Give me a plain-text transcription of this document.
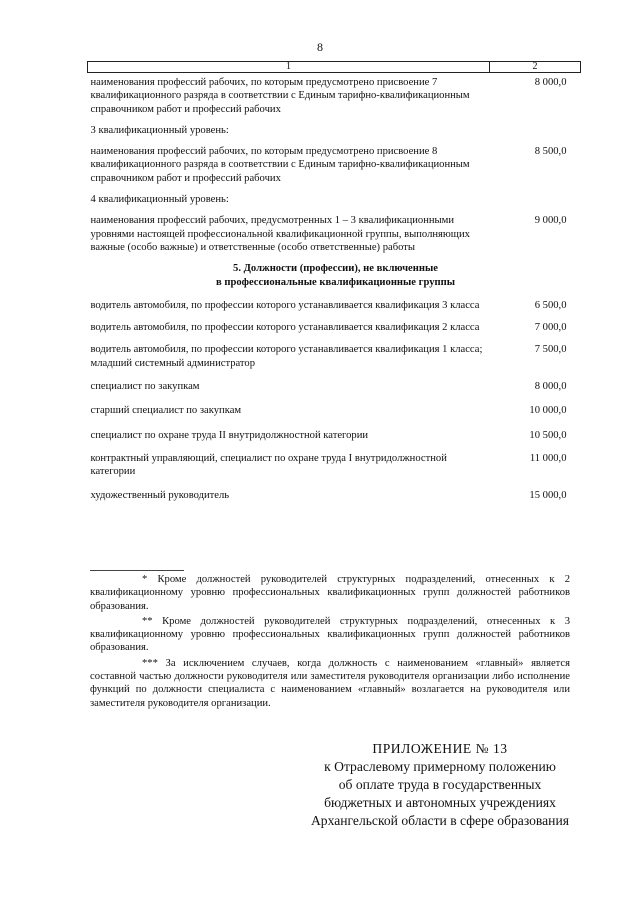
8
1	2
наименования профессий рабочих, по которым предусмотрено присвоение 7 квалификационного разряда в соответствии с Единым тарифно-квалификационным справочником работ и профессий рабочих	8 000,0
3 квалификационный уровень:	
наименования профессий рабочих, по которым предусмотрено присвоение 8 квалификационного разряда в соответствии с Единым тарифно-квалификационным справочником работ и профессий рабочих	8 500,0
4 квалификационный уровень:	
наименования профессий рабочих, предусмотренных 1 – 3 квалификационными уровнями настоящей профессиональной квалификационной группы, выполняющих важные (особо важные) и ответственные (особо ответственные) работы	9 000,0

5. Должности (профессии), не включенные
в профессиональные квалификационные группы	

водитель автомобиля, по профессии которого устанавливается квалификация 3 класса	6 500,0
водитель автомобиля, по профессии которого устанавливается квалификация 2 класса	7 000,0
водитель автомобиля, по профессии которого устанавливается квалификация 1 класса; младший системный администратор	7 500,0
специалист по закупкам	8 000,0
старший специалист по закупкам	10 000,0
специалист по охране труда II внутридолжностной категории	10 500,0
контрактный управляющий, специалист по охране труда I внутридолжностной категории	11 000,0
художественный руководитель	15 000,0

* Кроме должностей руководителей структурных подразделений, отнесенных к 2 квалификационному уровню профессиональных квалификационных групп должностей работников образования.

** Кроме должностей руководителей структурных подразделений, отнесенных к 3 квалификационному уровню профессиональных квалификационных групп должностей работников образования.

*** За исключением случаев, когда должность с наименованием «главный» является составной частью должности руководителя или заместителя руководителя организации либо исполнение функций по должности специалиста с наименованием «главный» возлагается на руководителя или заместителя руководителя организации.

ПРИЛОЖЕНИЕ № 13
к Отраслевому примерному положению
об оплате труда в государственных
бюджетных и автономных учреждениях
Архангельской области в сфере образования
